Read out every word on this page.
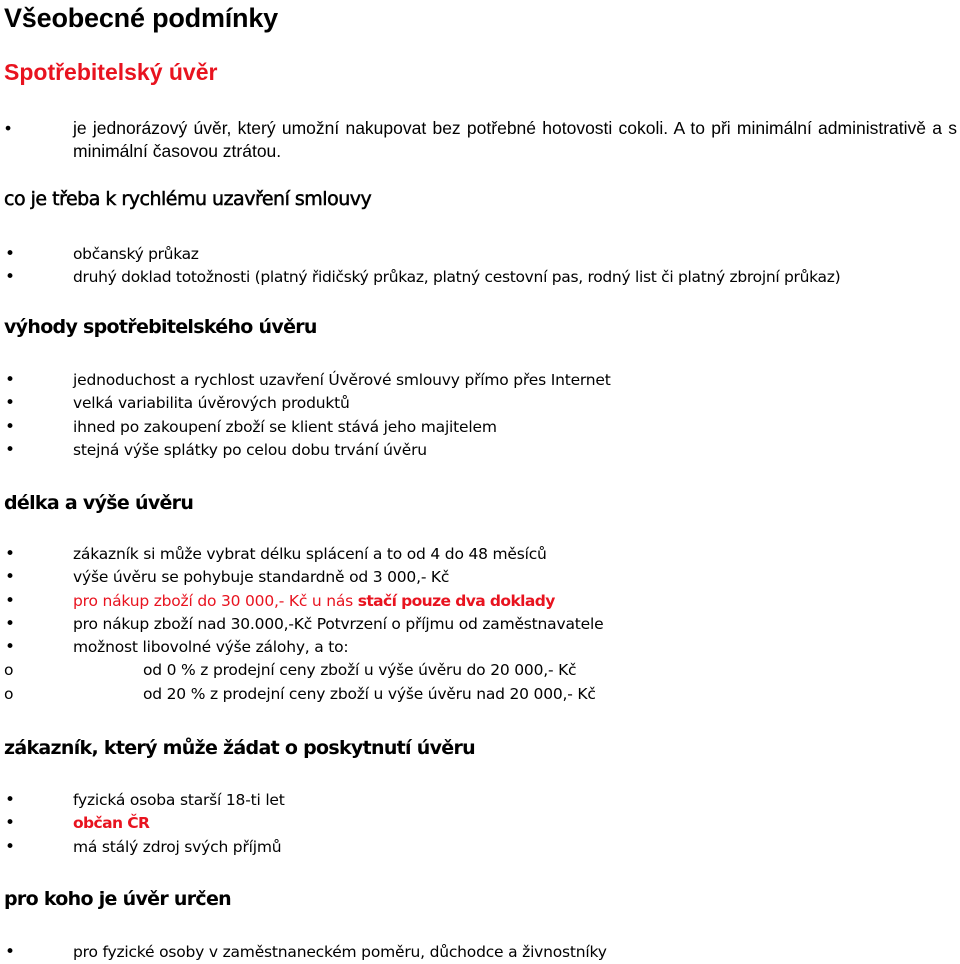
Všeobecné podmínky
Spotřebitelský úvěr
•	je jednorázový úvěr, který umožní nakupovat bez potřebné hotovosti cokoli. A to při minimální administrativě a s minimální časovou ztrátou.
co je třeba k rychlému uzavření smlouvy
•	občanský průkaz
•	druhý doklad totožnosti (platný řidičský průkaz, platný cestovní pas, rodný list či platný zbrojní průkaz)
výhody spotřebitelského úvěru
•	jednoduchost a rychlost uzavření Úvěrové smlouvy přímo přes Internet
•	velká variabilita úvěrových produktů
•	ihned po zakoupení zboží se klient stává jeho majitelem
•	stejná výše splátky po celou dobu trvání úvěru
délka a výše úvěru
•	zákazník si může vybrat délku splácení a to od 4 do 48 měsíců
•	výše úvěru se pohybuje standardně od 3 000,- Kč
•	pro nákup zboží do 30 000,- Kč u nás stačí pouze dva doklady
•	pro nákup zboží nad 30.000,-Kč Potvrzení o příjmu od zaměstnavatele
•	možnost libovolné výše zálohy, a to:
o	od 0 % z prodejní ceny zboží u výše úvěru do 20 000,- Kč
o	od 20 % z prodejní ceny zboží u výše úvěru nad 20 000,- Kč
zákazník, který může žádat o poskytnutí úvěru
•	fyzická osoba starší 18-ti let
•	občan ČR
•	má stálý zdroj svých příjmů
pro koho je úvěr určen
•	pro fyzické osoby v zaměstnaneckém poměru, důchodce a živnostníky
